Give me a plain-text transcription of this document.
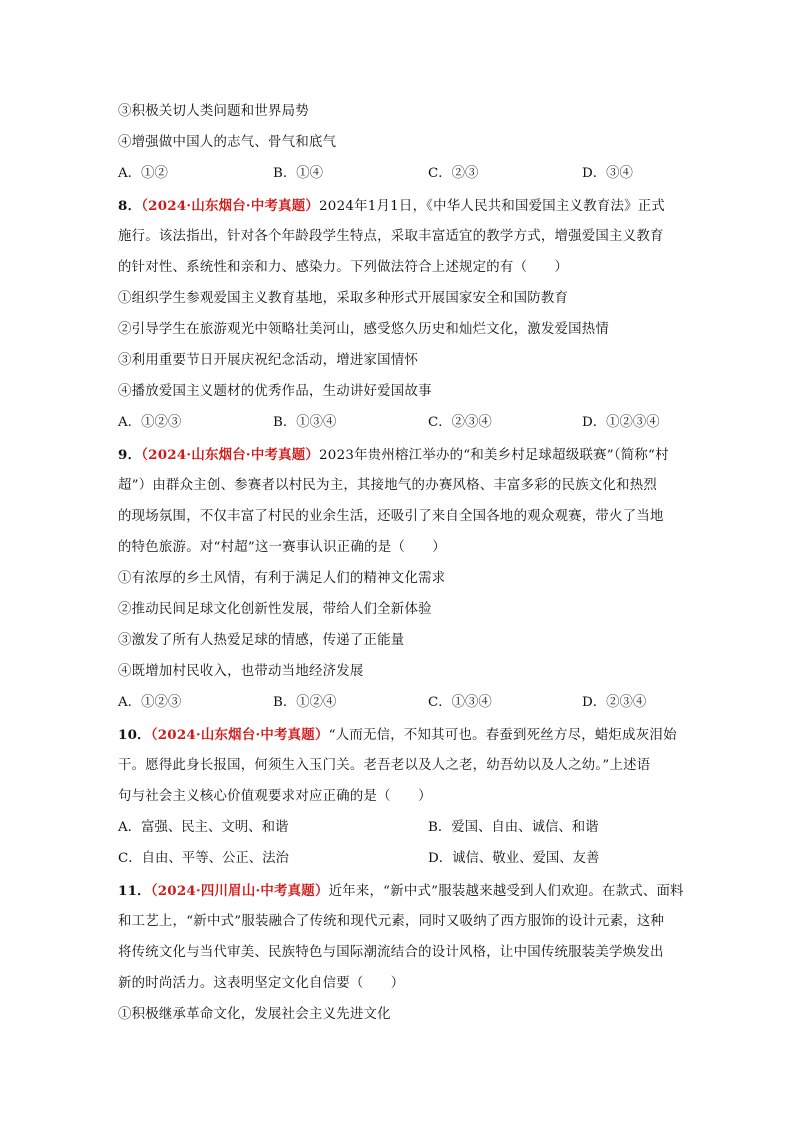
③积极关切人类问题和世界局势
④增强做中国人的志气、骨气和底气
A．①②	B．①④	C．②③	D．③④
8．（2024·山东烟台·中考真题）2024年1月1日，《中华人民共和国爱国主义教育法》正式
施行。该法指出，针对各个年龄段学生特点，采取丰富适宜的教学方式，增强爱国主义教育
的针对性、系统性和亲和力、感染力。下列做法符合上述规定的有（　　）
①组织学生参观爱国主义教育基地，采取多种形式开展国家安全和国防教育
②引导学生在旅游观光中领略壮美河山，感受悠久历史和灿烂文化，激发爱国热情
③利用重要节日开展庆祝纪念活动，增进家国情怀
④播放爱国主义题材的优秀作品，生动讲好爱国故事
A．①②③	B．①③④	C．②③④	D．①②③④
9．（2024·山东烟台·中考真题）2023年贵州榕江举办的“和美乡村足球超级联赛”（简称“村
超”）由群众主创、参赛者以村民为主，其接地气的办赛风格、丰富多彩的民族文化和热烈
的现场氛围，不仅丰富了村民的业余生活，还吸引了来自全国各地的观众观赛，带火了当地
的特色旅游。对“村超”这一赛事认识正确的是（　　）
①有浓厚的乡土风情，有利于满足人们的精神文化需求
②推动民间足球文化创新性发展，带给人们全新体验
③激发了所有人热爱足球的情感，传递了正能量
④既增加村民收入，也带动当地经济发展
A．①②③	B．①②④	C．①③④	D．②③④
10．（2024·山东烟台·中考真题）“人而无信，不知其可也。春蚕到死丝方尽，蜡炬成灰泪始
干。愿得此身长报国，何须生入玉门关。老吾老以及人之老，幼吾幼以及人之幼。”上述语
句与社会主义核心价值观要求对应正确的是（　　）
A．富强、民主、文明、和谐	B．爱国、自由、诚信、和谐
C．自由、平等、公正、法治	D．诚信、敬业、爱国、友善
11．（2024·四川眉山·中考真题）近年来，“新中式”服装越来越受到人们欢迎。在款式、面料
和工艺上，“新中式”服装融合了传统和现代元素，同时又吸纳了西方服饰的设计元素，这种
将传统文化与当代审美、民族特色与国际潮流结合的设计风格，让中国传统服装美学焕发出
新的时尚活力。这表明坚定文化自信要（　　）
①积极继承革命文化，发展社会主义先进文化
